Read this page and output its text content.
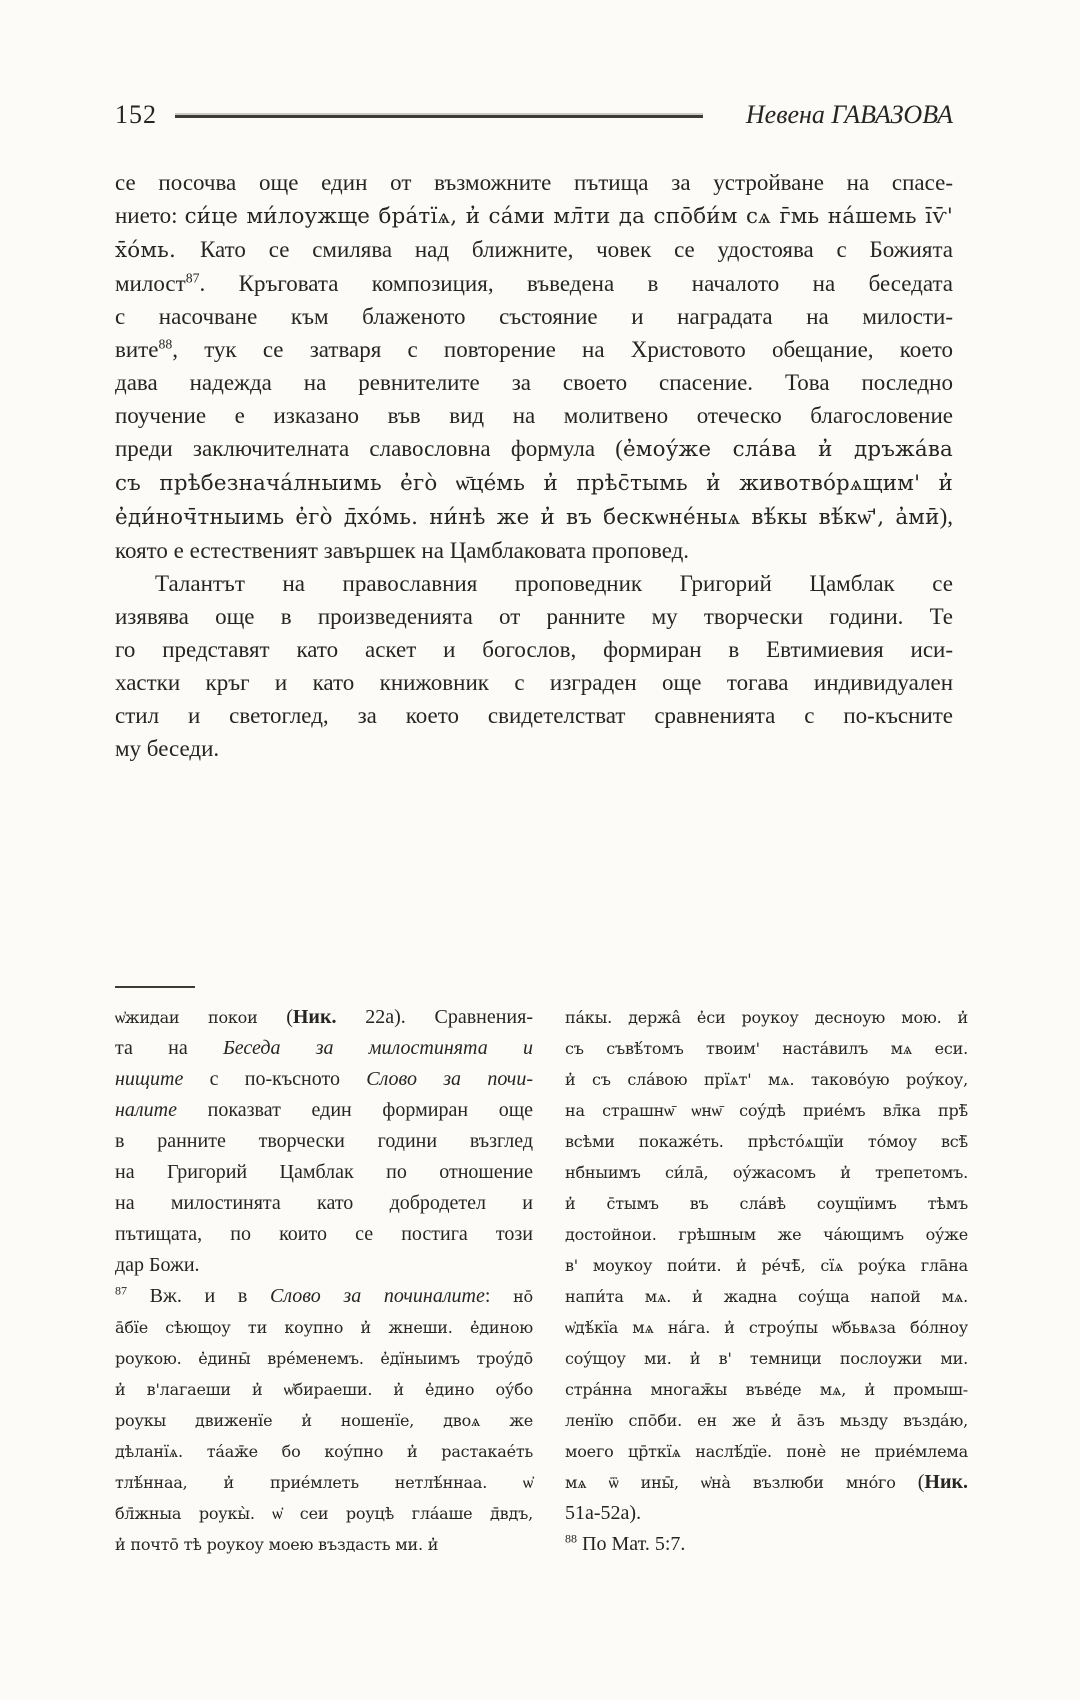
152	Невена ГАВАЗОВА
се посочва още един от възможните пътища за устройване на спасе-
нието: си́це ми́лоужще бра́тїѧ, и̓ са́ми мл̄ти да спо̄би́м сѧ г̄мь на́шемь і̄ѵ̄'
х̄о́мь. Като се смилява над ближните, човек се удостоява с Божията
милост$^{87}$. Кръговата композиция, въведена в началото на беседата
с насочване към блаженото състояние и наградата на милости-
вите$^{88}$, тук се затваря с повторение на Христовото обещание, което
дава надежда на ревнителите за своето спасение. Това последно
поучение е изказано във вид на молитвено отеческо благословение
преди заключителната славословна формула (е̓моу́же сла́ва и̓ дръжа́ва
съ прѣбезнача́лныимь е̓го̀ ѡ̄це́мь и̓ прѣс̄тымь и̓ животво́рѧщим' и̓
е̓ди́ноч̄тныимь е̓го̀ д̄хо́мь. ни́нѣ же и̓ въ бескѡне́ныѧ вѣ́кы вѣ́кѡ̄', а̓мӣ),
която е естественият завършек на Цамблаковата проповед.
Талантът на православния проповедник Григорий Цамблак се
изявява още в произведенията от ранните му творчески години. Те
го представят като аскет и богослов, формиран в Евтимиевия иси-
хастки кръг и като книжовник с изграден още тогава индивидуален
стил и светоглед, за което свидетелстват сравненията с по-късните
му беседи.
ѡ̓жидаи покои (Ник. 22а). Сравнения-
та на Беседа за милостинята и
нищите с по-късното Слово за почи-
налите показват един формиран още
в ранните творчески години възглед
на Григорий Цамблак по отношение
на милостинята като добродетел и
пътищата, по които се постига този
дар Божи.
$^{87}$ Вж. и в Слово за починалите: но̄
а̄бїе сѣющоу ти коупно и̓ жнеши. е̓диною
роукою. е̓дины̄ вре́менемъ. е̓дїныимъ троу́до̄
и̓ в'лагаеши и̓ ѡ̓бираеши. и̓ е̓дино оу́бо
роукы движенїе и̓ ношенїе, двоѧ же
дѣланїѧ. та́аж̄е бо коу́пно и̓ растакае́ть
тлѣ́ннаа, и̓ прие́млеть нетлѣ́ннаа. ѡ̓
бл̄жныа роукы̀. ѡ̓ сеи роуцѣ гла́аше д̄вдъ,
и̓ почто̄ тѣ роукоу моею въздасть ми. и̓
па́кы. держа̂ е̓си роукоу десноую мою. и̓
съ съвѣ́томъ твоим' наста́вилъ мѧ еси.
и̓ съ сла́вою прїѧт' мѧ. таково́ую роу́коу,
на страшнѡ̄ ѡнѡ̄ соу́дѣ прие́мъ вл̄ка прѣ̄
всѣми покаже́ть. прѣсто́ѧщїи то́моу всѣ̄
нб̄ныимъ си́ла̄, оу́жасомъ и̓ трепетомъ.
и̓ с̄тымъ въ сла́вѣ соущїимъ тѣмъ
достойнои. грѣшным же ча́ющимъ оу́же
в' моукоу пои́ти. и̓ ре́чѣ̄, сїѧ роу́ка гла̄на
напи́та мѧ. и̓ жадна соу́ща напой мѧ.
ѡ̓дѣ́кїа мѧ на́га. и̓ строу́пы ѡ̓бьвѧза бо́лноу
соу́щоу ми. и̓ в' темници послоужи ми.
стра́нна многаж̄ы въве́де мѧ, и̓ промыш-
ленїю спо̄би. ен же и̓ а̄зъ мьзду възда́ю,
моего цр̄ткїѧ наслѣ́дїе. понѐ не прие́млема
мѧ ѿ ины̄, ѡ̓на̀ възлюби мно́го (Ник.
51а-52а).
$^{88}$ По Мат. 5:7.
